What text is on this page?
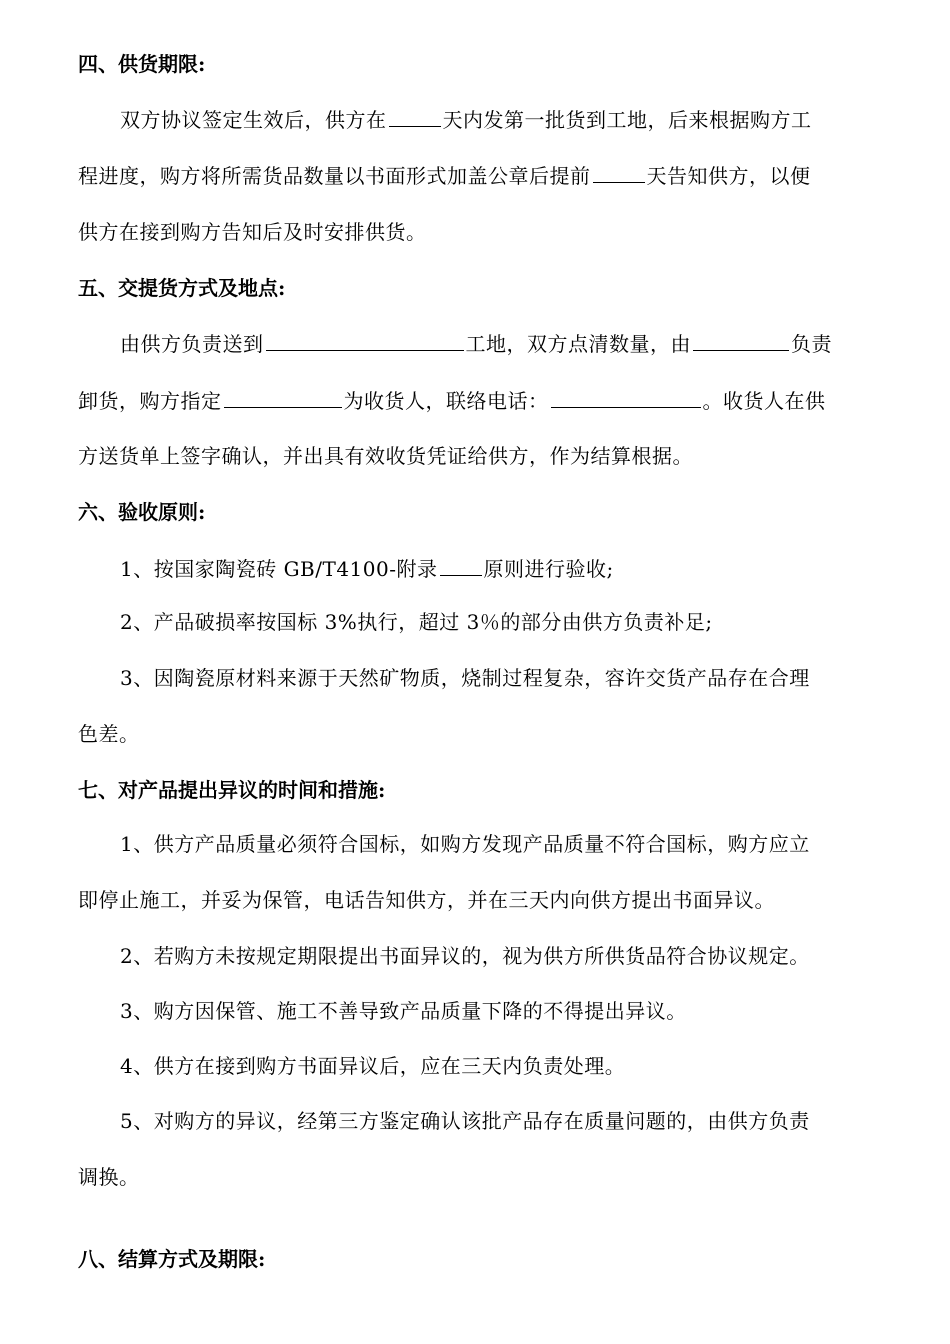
四、供货期限:
双方协议签定生效后，供方在	天内发第一批货到工地，后来根据购方工
程进度，购方将所需货品数量以书面形式加盖公章后提前	天告知供方，以便
供方在接到购方告知后及时安排供货。
五、交提货方式及地点:
由供方负责送到	工地，双方点清数量，由	负责
卸货，购方指定	为收货人，联络电话：	。收货人在供
方送货单上签字确认，并出具有效收货凭证给供方，作为结算根据。
六、验收原则:
1、按国家陶瓷砖 GB/T4100-附录 原则进行验收;
2、产品破损率按国标 3%执行，超过 3％的部分由供方负责补足;
3、因陶瓷原材料来源于天然矿物质，烧制过程复杂，容许交货产品存在合理
色差。
七、对产品提出异议的时间和措施:
1、供方产品质量必须符合国标，如购方发现产品质量不符合国标，购方应立
即停止施工，并妥为保管，电话告知供方，并在三天内向供方提出书面异议。
2、若购方未按规定期限提出书面异议的，视为供方所供货品符合协议规定。
3、购方因保管、施工不善导致产品质量下降的不得提出异议。
4、供方在接到购方书面异议后，应在三天内负责处理。
5、对购方的异议，经第三方鉴定确认该批产品存在质量问题的，由供方负责
调换。
八、结算方式及期限:
